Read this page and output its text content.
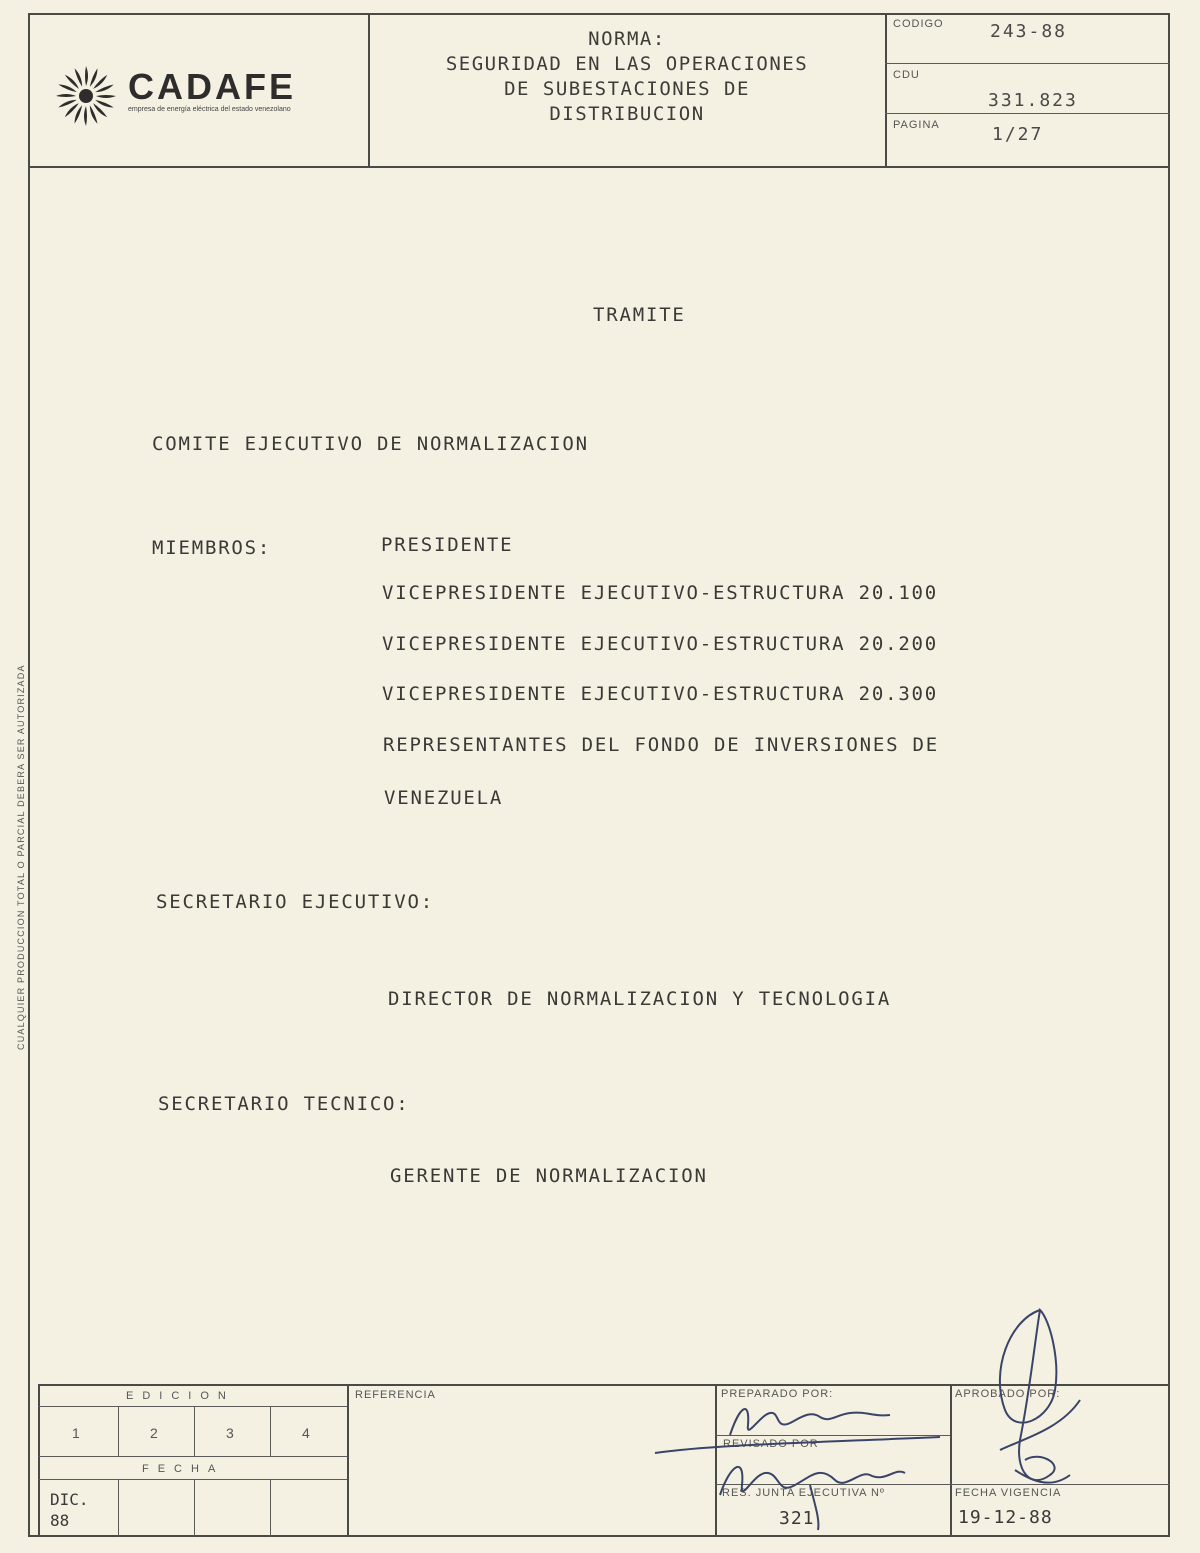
CUALQUIER PRODUCCION TOTAL O PARCIAL DEBERA SER AUTORIZADA
CADAFE
empresa de energía eléctrica del estado venezolano
NORMA:
SEGURIDAD EN LAS OPERACIONES
DE SUBESTACIONES DE
DISTRIBUCION
CODIGO	243-88
CDU
331.823
PAGINA	1/27
TRAMITE
COMITE EJECUTIVO DE NORMALIZACION
MIEMBROS:	PRESIDENTE
VICEPRESIDENTE EJECUTIVO-ESTRUCTURA 20.100
VICEPRESIDENTE EJECUTIVO-ESTRUCTURA 20.200
VICEPRESIDENTE EJECUTIVO-ESTRUCTURA 20.300
REPRESENTANTES DEL FONDO DE INVERSIONES DE
VENEZUELA
SECRETARIO EJECUTIVO:
DIRECTOR DE NORMALIZACION Y TECNOLOGIA
SECRETARIO TECNICO:
GERENTE DE NORMALIZACION
EDICION
1	2	3	4
FECHA
DIC.
88
REFERENCIA	PREPARADO POR:
REVISADO POR
APROBADO POR:
RES. JUNTA EJECUTIVA Nº
321
FECHA VIGENCIA
19-12-88
